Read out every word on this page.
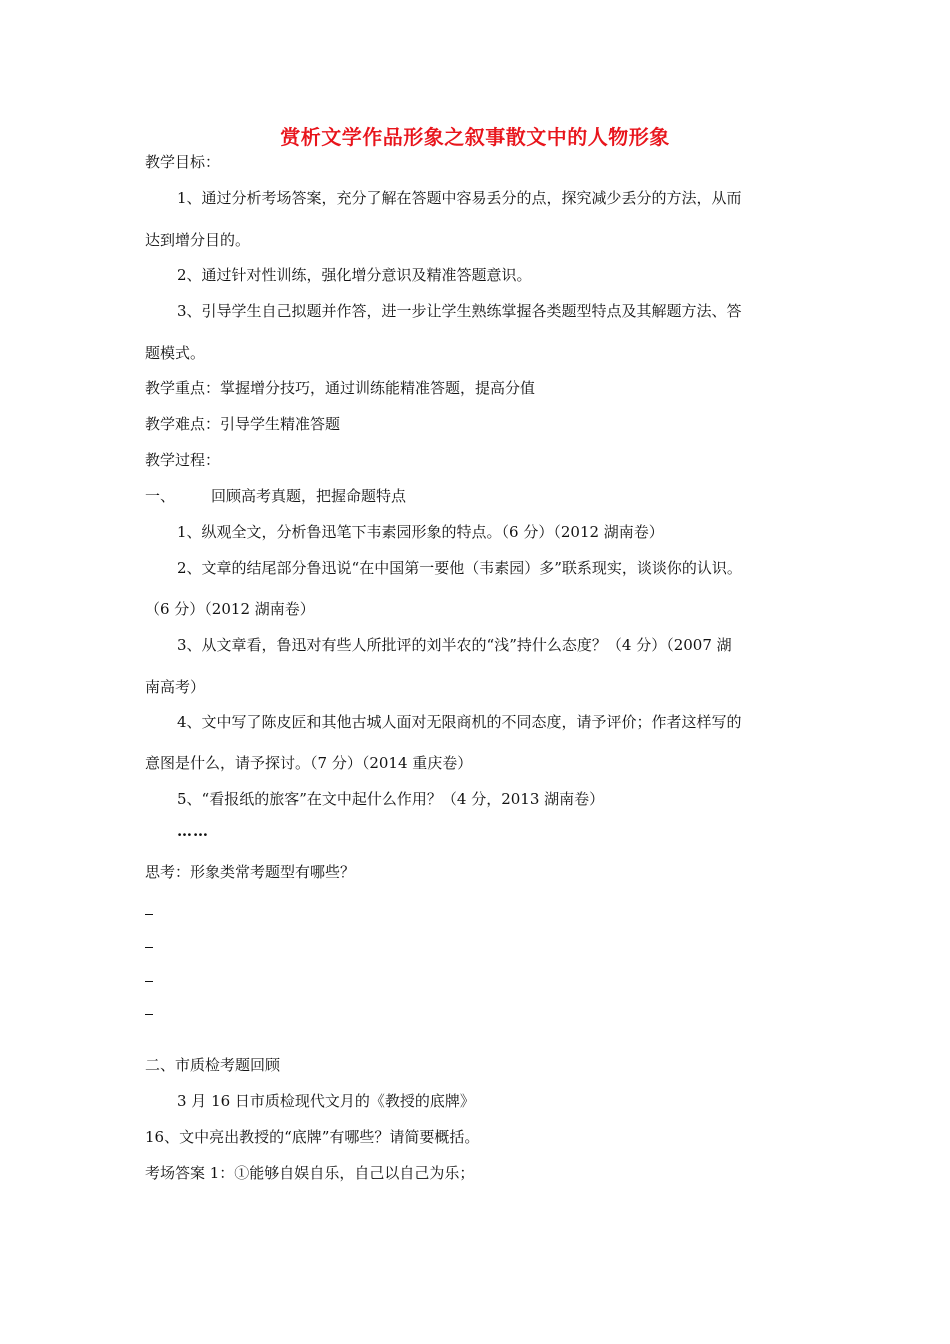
赏析文学作品形象之叙事散文中的人物形象
教学目标：
1、通过分析考场答案，充分了解在答题中容易丢分的点，探究减少丢分的方法，从而
达到增分目的。
2、通过针对性训练，强化增分意识及精准答题意识。
3、引导学生自己拟题并作答，进一步让学生熟练掌握各类题型特点及其解题方法、答
题模式。
教学重点：掌握增分技巧，通过训练能精准答题，提高分值
教学难点：引导学生精准答题
教学过程：
一、 回顾高考真题，把握命题特点
1、纵观全文，分析鲁迅笔下韦素园形象的特点。（6 分）（2012 湖南卷）
2、文章的结尾部分鲁迅说“在中国第一要他（韦素园）多”联系现实，谈谈你的认识。
（6 分）（2012 湖南卷）
3、从文章看，鲁迅对有些人所批评的刘半农的“浅”持什么态度？（4 分）（2007 湖
南高考）
4、文中写了陈皮匠和其他古城人面对无限商机的不同态度，请予评价；作者这样写的
意图是什么，请予探讨。（7 分）（2014 重庆卷）
5、“看报纸的旅客”在文中起什么作用？（4 分，2013 湖南卷）
……
思考：形象类常考题型有哪些？
二、市质检考题回顾
3 月 16 日市质检现代文月的《教授的底牌》
16、文中亮出教授的“底牌”有哪些？请简要概括。
考场答案 1：①能够自娱自乐，自己以自己为乐；
